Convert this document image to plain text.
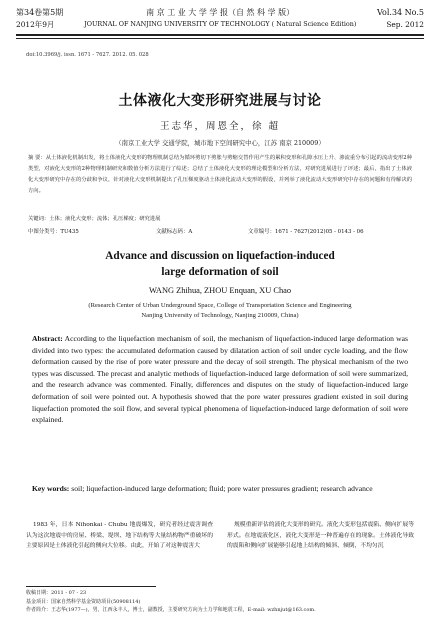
第34卷第5期	南 京 工 业 大 学 学 报（自 然 科 学 版）	Vol.34 No.5
2012年9月	JOURNAL OF NANJING UNIVERSITY OF TECHNOLOGY ( Natural Science Edition)	Sep. 2012
doi:10.3969/j. issn. 1671 - 7627. 2012. 05. 028
土体液化大变形研究进展与讨论
王志华，周恩全，徐 超
（南京工业大学 交通学院，城市地下空间研究中心，江苏 南京 210009）
摘 要：从土体液化机制出发，将土体液化大变形的物理机制总结为循环剪切下剪胀与剪缩交替作用产生的累积变形和孔隙水压上升、渗流重分布引起的流动变形2种类型，对液化大变形的2种物理机制研究和数值分析方法进行了综述；总结了土体液化大变形的理论模型和分析方法，对研究进展进行了评述；最后，指出了土体液化大变形研究中存在的分歧和争议，针对液化大变形机制提出了孔压梯度驱动土体液化流动大变形的假设，并列举了液化流动大变形研究中存在的问题和有待解决的方向。
关键词：土体；液化大变形；流体；孔压梯度；研究进展
中图分类号：TU435	文献标志码：A	文章编号：1671 - 7627(2012)05 - 0143 - 06
Advance and discussion on liquefaction-induced
large deformation of soil
WANG Zhihua, ZHOU Enquan, XU Chao
(Research Center of Urban Underground Space, College of Transportation Science and Engineering
Nanjing University of Technology, Nanjing 210009, China)
Abstract: According to the liquefaction mechanism of soil, the mechanism of liquefaction-induced large deformation was divided into two types: the accumulated deformation caused by dilatation action of soil under cycle loading, and the flow deformation caused by the rise of pore water pressure and the decay of soil strength. The physical mechanism of the two types was discussed. The precast and analytic methods of liquefaction-induced large deformation of soil were summarized, and the research advance was commented. Finally, differences and disputes on the study of liquefaction-induced large deformation of soil were pointed out. A hypothesis showed that the pore water pressures gradient existed in soil during liquefaction promoted the soil flow, and several typical phenomena of liquefaction-induced large deformation of soil were explained.
Key words: soil; liquefaction-induced large deformation; fluid; pore water pressures gradient; research advance
1983 年，日本 Nihonkai - Chubu 地震爆发，研究者经过震害调查认为这次地震中的房屋、桥梁、堤坝、地下结构等大量结构物严重破坏的主要原因是土体液化引起的侧向大位移。由此，开始了对这种震害大
规模重新评估的液化大变形的研究。液化大变形包括震陷、侧向扩展等形式。在地震液化区，液化大变形是一种普遍存在的现象。土体液化导致的震陷和侧向扩展能够引起地上结构的倾斜、倾倒，不均匀沉
收稿日期：2011 - 07 - 23
基金项目：国家自然科学基金资助项目(50908114)
作者简介：王志华(1977—)，男，江西永丰人，博士，副教授，主要研究方向为土力学和地震工程，E-mail: wzhnjut@163.com.
